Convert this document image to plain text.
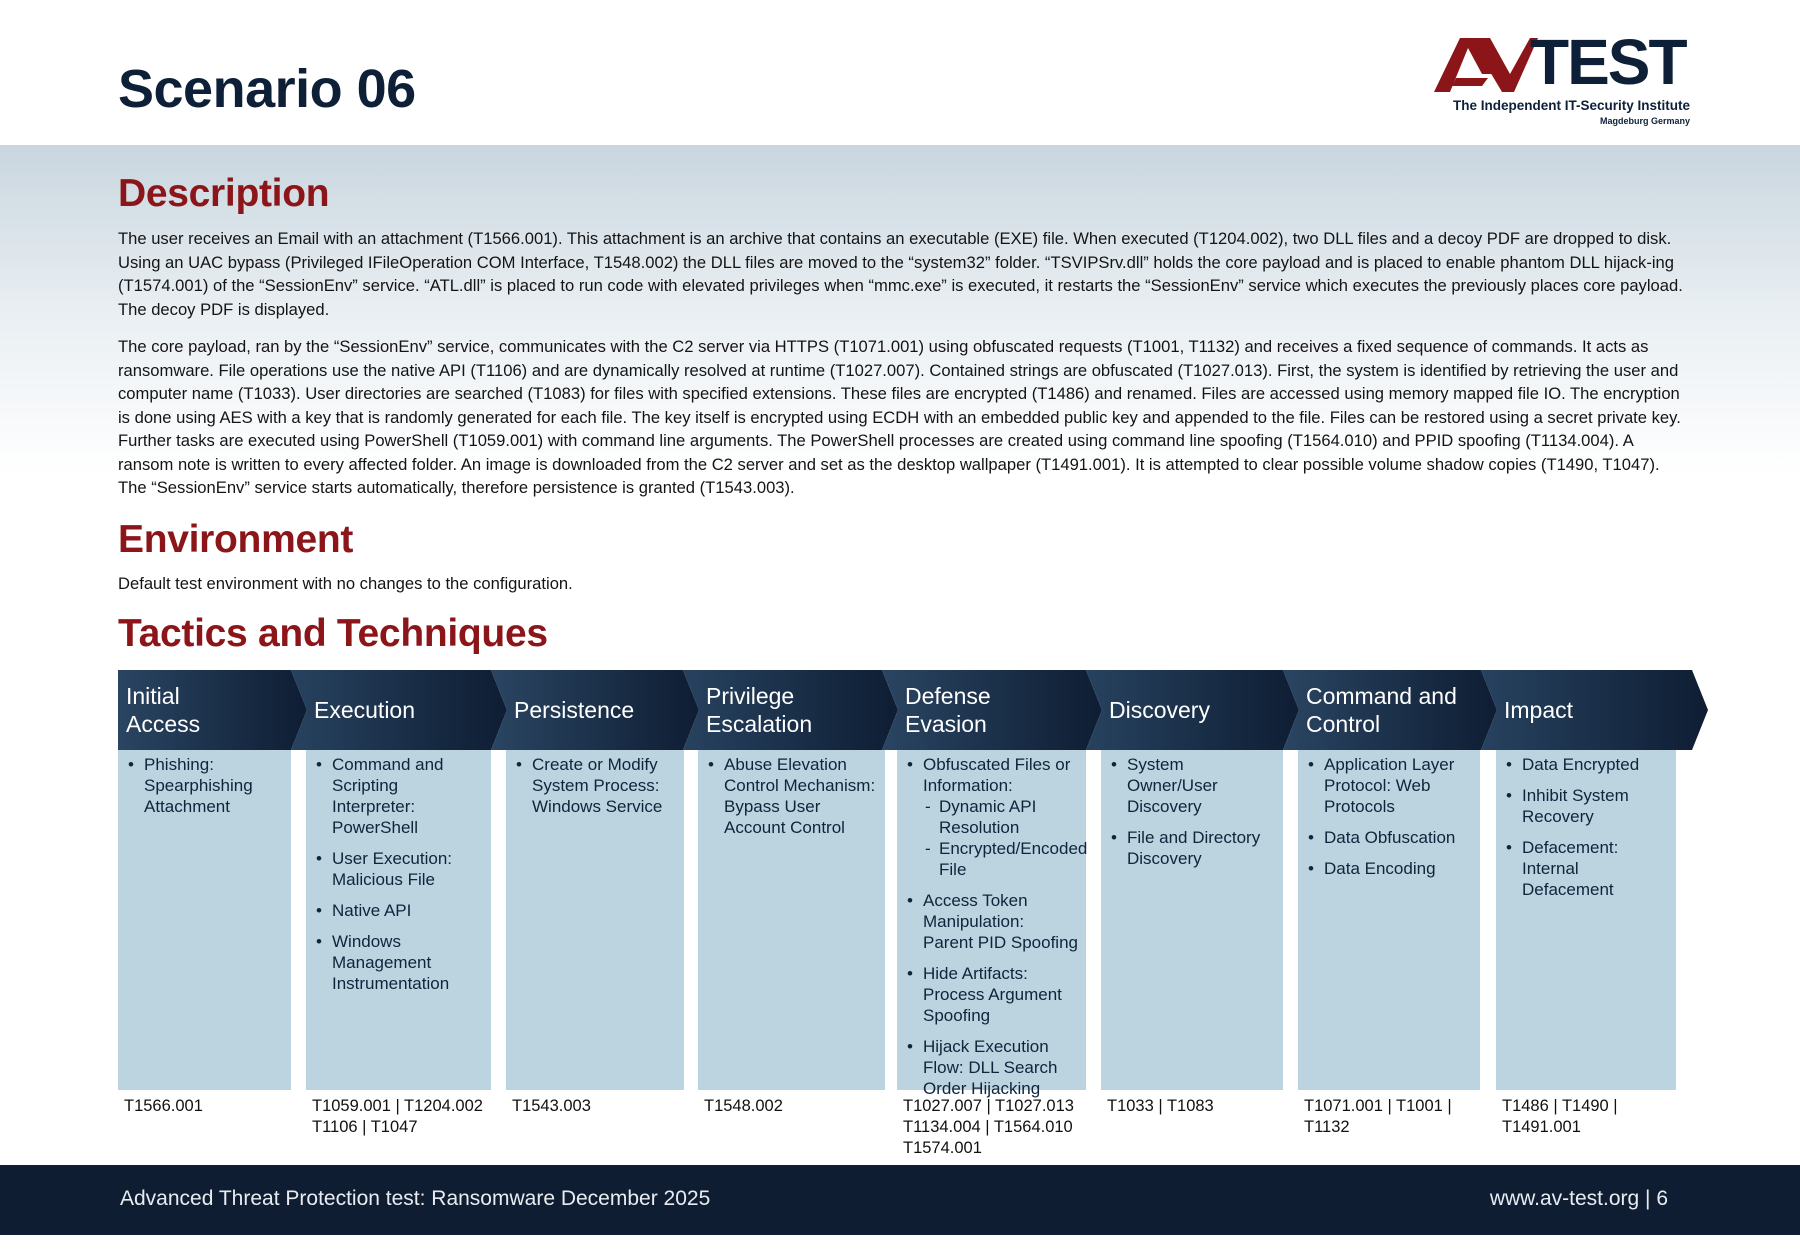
Scenario 06	TEST
The Independent IT-Security Institute
Magdeburg Germany
Description
The user receives an Email with an attachment (T1566.001). This attachment is an archive that contains an executable (EXE) file. When executed (T1204.002), two DLL files and a decoy PDF are dropped to disk. Using an UAC bypass (Privileged IFileOperation COM Interface, T1548.002) the DLL files are moved to the “system32” folder. “TSVIPSrv.dll” holds the core payload and is placed to enable phantom DLL hijack-ing (T1574.001) of the “SessionEnv” service. “ATL.dll” is placed to run code with elevated privileges when “mmc.exe” is executed, it restarts the “SessionEnv” service which executes the previously places core payload. The decoy PDF is displayed.
The core payload, ran by the “SessionEnv” service, communicates with the C2 server via HTTPS (T1071.001) using obfuscated requests (T1001, T1132) and receives a fixed sequence of commands. It acts as ransomware. File operations use the native API (T1106) and are dynamically resolved at runtime (T1027.007). Contained strings are obfuscated (T1027.013). First, the system is identified by retrieving the user and computer name (T1033). User directories are searched (T1083) for files with specified extensions. These files are encrypted (T1486) and renamed. Files are accessed using memory mapped file IO. The encryption is done using AES with a key that is randomly generated for each file. The key itself is encrypted using ECDH with an embedded public key and appended to the file. Files can be restored using a secret private key. Further tasks are executed using PowerShell (T1059.001) with command line arguments. The PowerShell processes are created using command line spoofing (T1564.010) and PPID spoofing (T1134.004). A ransom note is written to every affected folder. An image is downloaded from the C2 server and set as the desktop wallpaper (T1491.001). It is attempted to clear possible volume shadow copies (T1490, T1047). The “SessionEnv” service starts automatically, therefore persistence is granted (T1543.003).
Environment
Default test environment with no changes to the configuration.
Tactics and Techniques
Initial
Access
• Phishing: Spearphishing Attachment
T1566.001
Execution
• Command and Scripting Interpreter: PowerShell
• User Execution: Malicious File
• Native API
• Windows Management Instrumentation
T1059.001 | T1204.002
T1106 | T1047
Persistence
• Create or Modify System Process: Windows Service
T1543.003
Privilege
Escalation
• Abuse Elevation Control Mechanism: Bypass User Account Control
T1548.002
Defense
Evasion
• Obfuscated Files or Information:
- Dynamic API Resolution
- Encrypted/Encoded File
• Access Token Manipulation: Parent PID Spoofing
• Hide Artifacts: Process Argument Spoofing
• Hijack Execution Flow: DLL Search Order Hijacking
T1027.007 | T1027.013
T1134.004 | T1564.010
T1574.001
Discovery
• System Owner/User Discovery
• File and Directory Discovery
T1033 | T1083
Command and
Control
• Application Layer Protocol: Web Protocols
• Data Obfuscation
• Data Encoding
T1071.001 | T1001 | T1132
Impact
• Data Encrypted
• Inhibit System Recovery
• Defacement: Internal Defacement
T1486 | T1490 | T1491.001
Advanced Threat Protection test: Ransomware December 2025	www.av-test.org | 6
